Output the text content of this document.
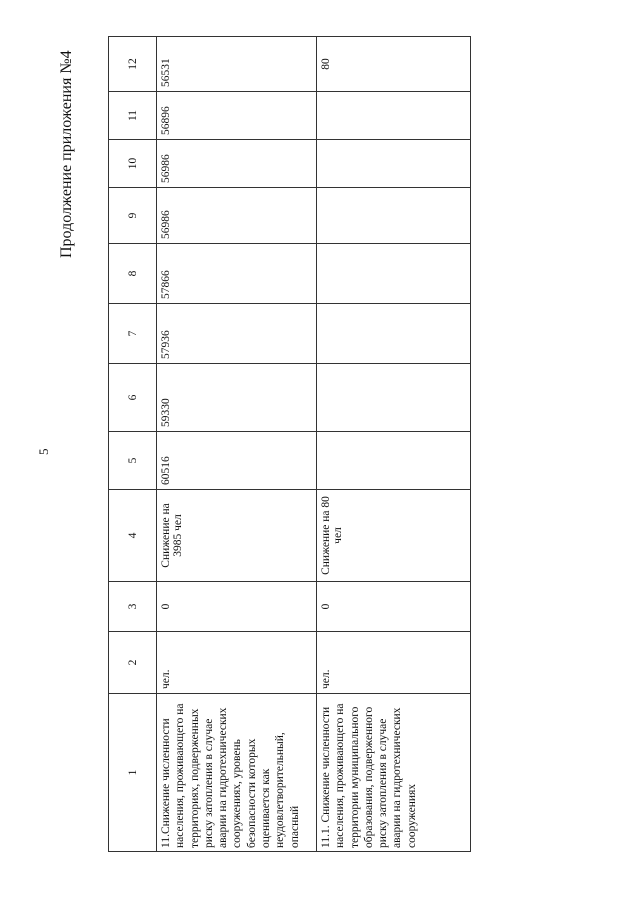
5
Продолжение приложения №4
1	2	3	4	5	6	7	8	9	10	11	12
11.Снижение численности населения, проживающего на территориях, подверженных риску затопления в случае аварии на гидротехнических сооружениях, уровень безопасности которых оценивается как неудовлетворительный, опасный	чел.	0	Снижение на 3985 чел	60516	59330	57936	57866	56986	56986	56896	56531
11.1. Снижение численности населения, проживающего на территории муниципального образования, подверженного риску затопления в случае аварии на гидротехнических сооружениях	чел.	0	Снижение на 80 чел								80
